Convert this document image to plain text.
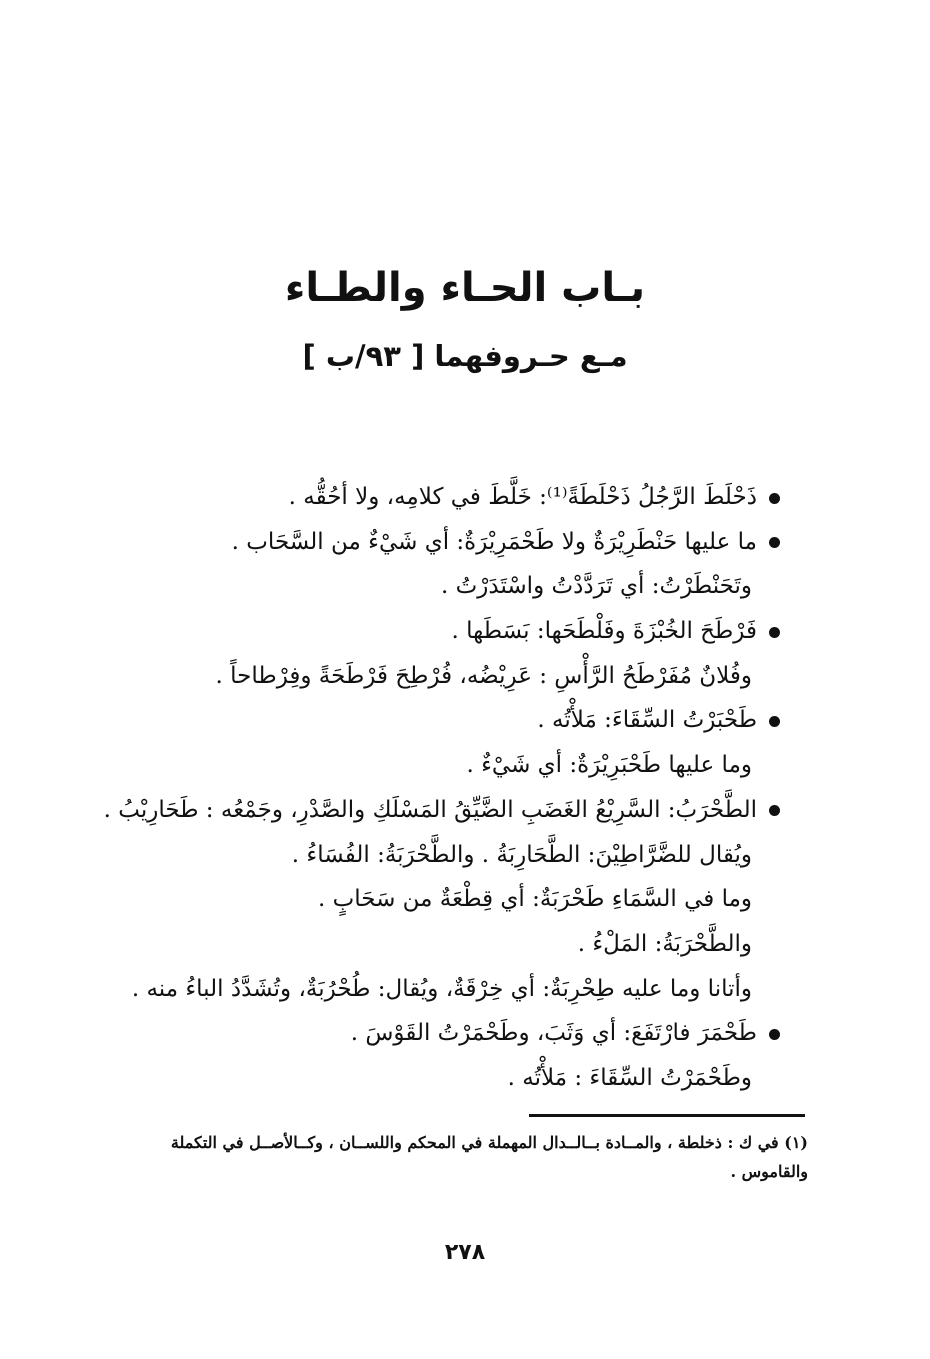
بـاب الحـاء والطـاء
مـع حـروفهما [ ٩٣/ب ]
ذَحْلَطَ الرَّجُلُ ذَحْلَطَةً⁽¹⁾: خَلَّطَ في كلامِه، ولا أحُقُّه .
ما عليها حَنْطَرِيْرَةٌ ولا طَحْمَرِيْرَةٌ: أي شَيْءٌ من السَّحَاب .
وتَحَنْطَرْتُ: أي تَرَدَّدْتُ واسْتَدَرْتُ .
فَرْطَحَ الخُبْزَةَ وفَلْطَحَها: بَسَطَها .
وفُلانٌ مُفَرْطَحُ الرَّأْسِ : عَرِيْضُه، فُرْطِحَ فَرْطَحَةً وفِرْطاحاً .
طَحْبَرْتُ السِّقَاءَ: مَلأْتُه .
وما عليها طَحْبَرِيْرَةٌ: أي شَيْءٌ .
الطَّحْرَبُ: السَّرِيْعُ الغَضَبِ الضَّيِّقُ المَسْلَكِ والصَّدْرِ، وجَمْعُه : طَحَارِيْبُ .
ويُقال للضَّرَّاطِيْنَ: الطَّحَارِبَةُ . والطَّحْرَبَةُ: الفُسَاءُ .
وما في السَّمَاءِ طَحْرَبَةٌ: أي قِطْعَةٌ من سَحَابٍ .
والطَّحْرَبَةُ: المَلْءُ .
وأتانا وما عليه طِحْرِبَةٌ: أي خِرْقَةٌ، ويُقال: طُحْرُبَةٌ، وتُشَدَّدُ الباءُ منه .
طَحْمَرَ فارْتَفَعَ: أي وَثَبَ، وطَحْمَرْتُ القَوْسَ .
وطَحْمَرْتُ السِّقَاءَ : مَلأْتُه .
(١) في ك : ذخلطة ، والمــادة بــالــدال المهملة في المحكم واللســان ، وكــالأصــل في التكملة
والقاموس .
٢٧٨
